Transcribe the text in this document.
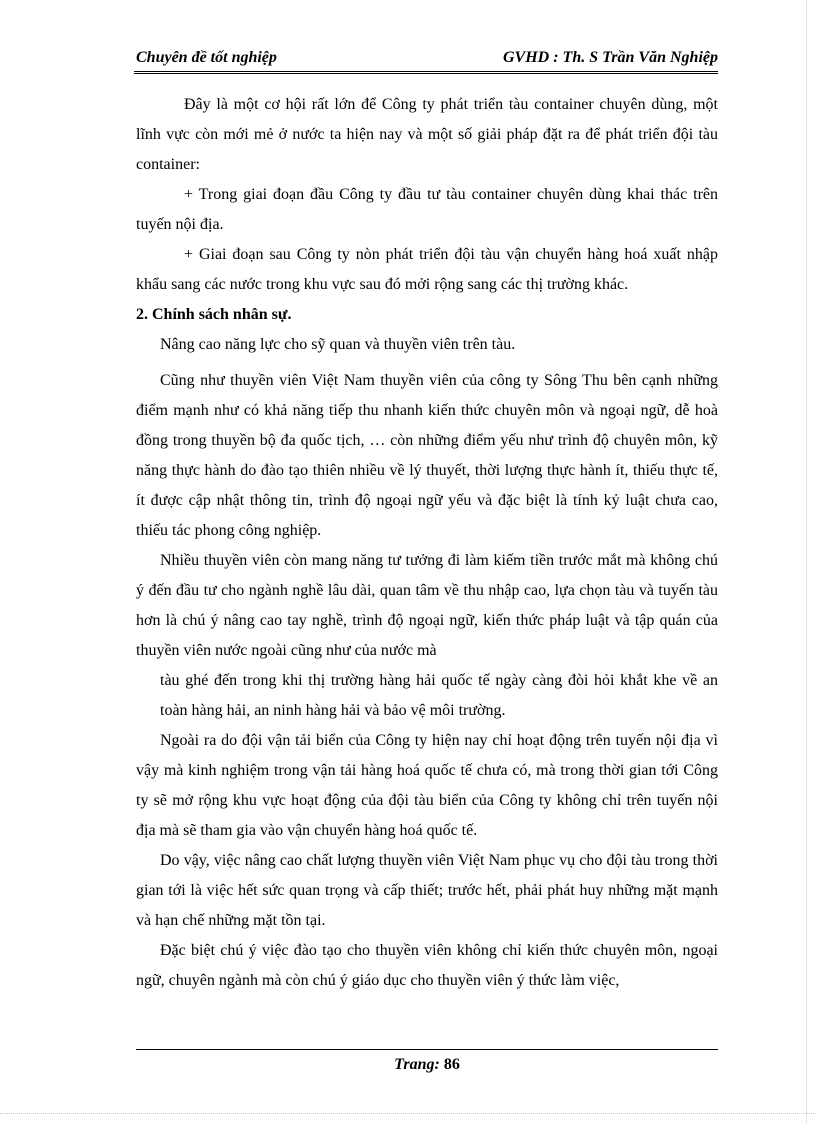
Chuyên đề tốt nghiệp	GVHD : Th. S Trần Văn Nghiệp

Đây là một cơ hội rất lớn để Công ty phát triển tàu container chuyên dùng, một lĩnh vực còn mới mẻ ở nước ta hiện nay và một số giải pháp đặt ra để phát triển đội tàu container:

+ Trong giai đoạn đầu Công ty đầu tư tàu container chuyên dùng khai thác trên tuyến nội địa.

+ Giai đoạn sau Công ty nòn phát triển đội tàu vận chuyển hàng hoá xuất nhập khẩu sang các nước trong khu vực sau đó mởi rộng sang các thị trường khác.

2. Chính sách nhân sự.

Nâng cao năng lực cho sỹ quan và thuyền viên trên tàu.

Cũng như thuyền viên Việt Nam thuyền viên của công ty Sông Thu bên cạnh những điểm mạnh như có khả năng tiếp thu nhanh kiến thức chuyên môn và ngoại ngữ, dễ hoà đồng trong thuyền bộ đa quốc tịch, … còn những điểm yếu như trình độ chuyên môn, kỹ năng thực hành do đào tạo thiên nhiều về lý thuyết, thời lượng thực hành ít, thiếu thực tế, ít được cập nhật thông tin, trình độ ngoại ngữ yếu và đặc biệt là tính kỷ luật chưa cao, thiếu tác phong công nghiệp.

Nhiều thuyền viên còn mang năng tư tưởng đi làm kiếm tiền trước mắt mà không chú ý đến đầu tư cho ngành nghề lâu dài, quan tâm về thu nhập cao, lựa chọn tàu và tuyến tàu hơn là chú ý nâng cao tay nghề, trình độ ngoại ngữ, kiến thức pháp luật và tập quán của thuyền viên nước ngoài cũng như của nước mà

tàu ghé đến trong khi thị trường hàng hải quốc tế ngày càng đòi hỏi khắt khe về an toàn hàng hải, an ninh hàng hải và bảo vệ môi trường.

Ngoài ra do đội vận tải biển của Công ty hiện nay chỉ hoạt động trên tuyến nội địa vì vậy mà kinh nghiệm trong vận tải hàng hoá quốc tế chưa có, mà trong thời gian tới Công ty sẽ mở rộng khu vực hoạt động của đội tàu biển của Công ty không chỉ trên tuyến nội địa mà sẽ tham gia vào vận chuyển hàng hoá quốc tế.

Do vậy, việc nâng cao chất lượng thuyền viên Việt Nam phục vụ cho đội tàu trong thời gian tới là việc hết sức quan trọng và cấp thiết; trước hết, phải phát huy những mặt mạnh và hạn chế những mặt tồn tại.

Đặc biệt chú ý việc đào tạo cho thuyền viên không chỉ kiến thức chuyên môn, ngoại ngữ, chuyên ngành mà còn chú ý giáo dục cho thuyền viên ý thức làm việc,

Trang: 86
